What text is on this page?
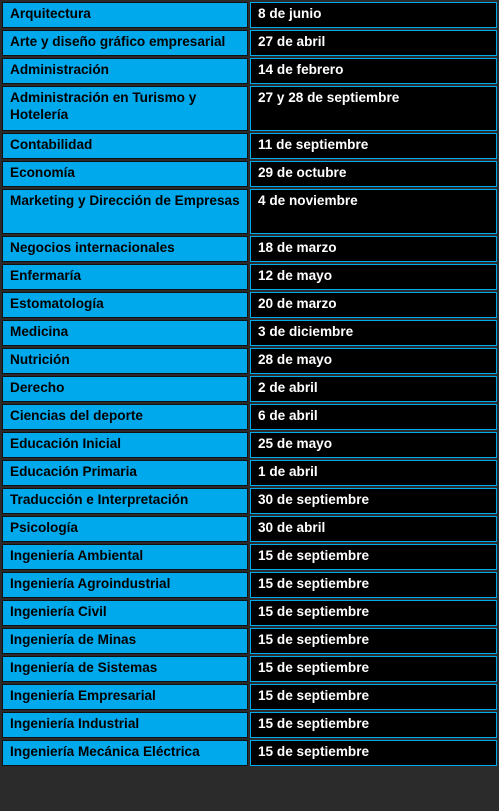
Arquitectura	8 de junio
Arte y diseño gráfico empresarial	27 de abril
Administración	14 de febrero
Administración en Turismo y Hotelería	27 y 28 de septiembre
Contabilidad	11 de septiembre
Economía	29 de octubre
Marketing y Dirección de Empresas	4 de noviembre
Negocios internacionales	18 de marzo
Enfermaría	12 de mayo
Estomatología	20 de marzo
Medicina	3 de diciembre
Nutrición	28 de mayo
Derecho	2 de abril
Ciencias del deporte	6 de abril
Educación Inicial	25 de mayo
Educación Primaria	1 de abril
Traducción e Interpretación	30 de septiembre
Psicología	30 de abril
Ingeniería Ambiental	15 de septiembre
Ingeniería Agroindustrial	15 de septiembre
Ingeniería Civil	15 de septiembre
Ingeniería de Minas	15 de septiembre
Ingeniería de Sistemas	15 de septiembre
Ingeniería Empresarial	15 de septiembre
Ingeniería Industrial	15 de septiembre
Ingeniería Mecánica Eléctrica	15 de septiembre
